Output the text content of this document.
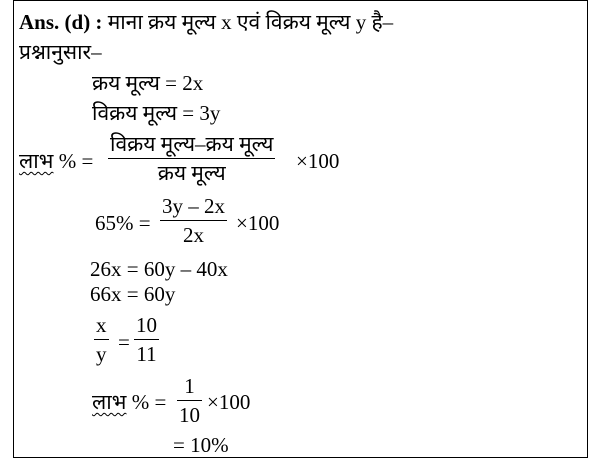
Ans. (d) : माना क्रय मूल्य x एवं विक्रय मूल्य y है–
प्रश्नानुसार–
क्रय मूल्य = 2x
विक्रय मूल्य = 3y
लाभ % =
विक्रय मूल्य–क्रय मूल्य
क्रय मूल्य	×100
65% =
3y – 2x
2x ×100
26x = 60y – 40x
66x = 60y
x
y =
10
11
लाभ % =
1
10
×100
= 10%
